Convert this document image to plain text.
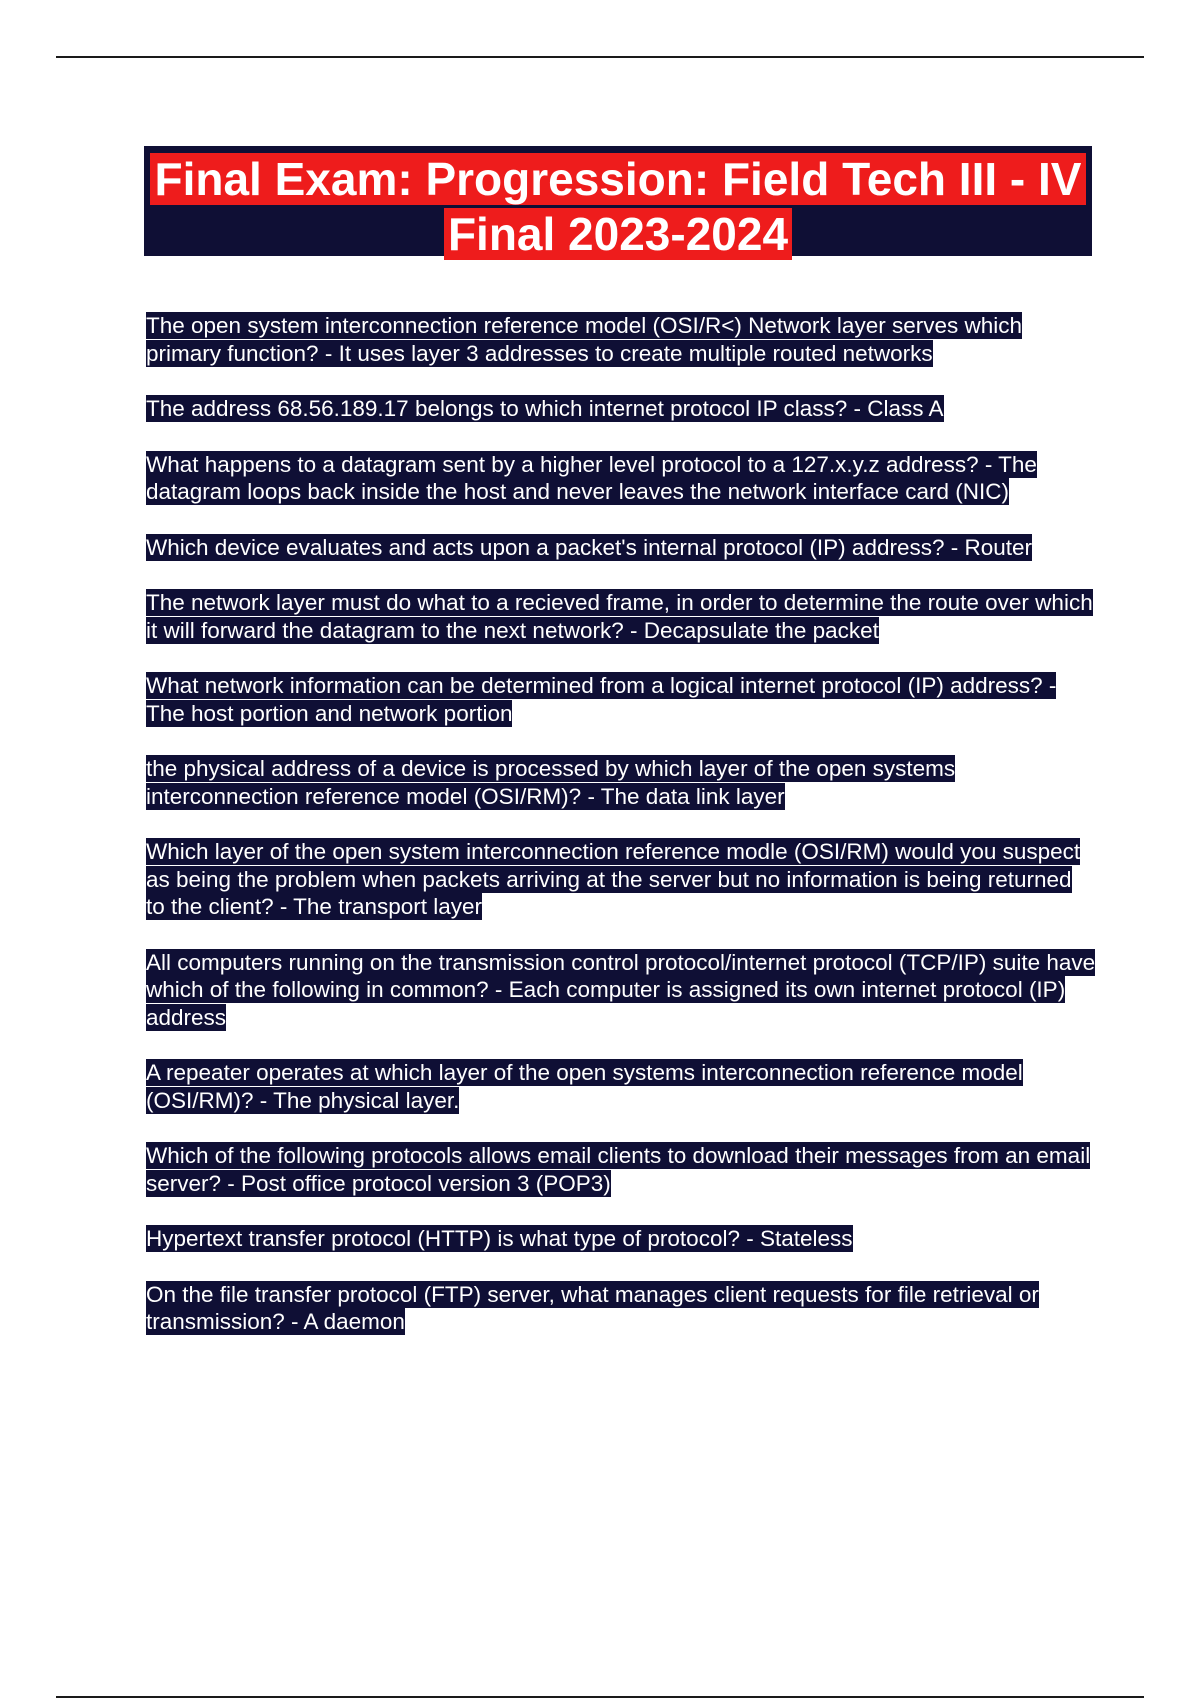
Final Exam: Progression: Field Tech III - IV Final 2023-2024

The open system interconnection reference model (OSI/R<) Network layer serves which primary function? - It uses layer 3 addresses to create multiple routed networks

The address 68.56.189.17 belongs to which internet protocol IP class? - Class A

What happens to a datagram sent by a higher level protocol to a 127.x.y.z address? - The datagram loops back inside the host and never leaves the network interface card (NIC)

Which device evaluates and acts upon a packet's internal protocol (IP) address? - Router

The network layer must do what to a recieved frame, in order to determine the route over which it will forward the datagram to the next network? - Decapsulate the packet

What network information can be determined from a logical internet protocol (IP) address? - The host portion and network portion

the physical address of a device is processed by which layer of the open systems interconnection reference model (OSI/RM)? - The data link layer

Which layer of the open system interconnection reference modle (OSI/RM) would you suspect as being the problem when packets arriving at the server but no information is being returned to the client? - The transport layer

All computers running on the transmission control protocol/internet protocol (TCP/IP) suite have which of the following in common? - Each computer is assigned its own internet protocol (IP) address

A repeater operates at which layer of the open systems interconnection reference model (OSI/RM)? - The physical layer.

Which of the following protocols allows email clients to download their messages from an email server? - Post office protocol version 3 (POP3)

Hypertext transfer protocol (HTTP) is what type of protocol? - Stateless

On the file transfer protocol (FTP) server, what manages client requests for file retrieval or transmission? - A daemon
